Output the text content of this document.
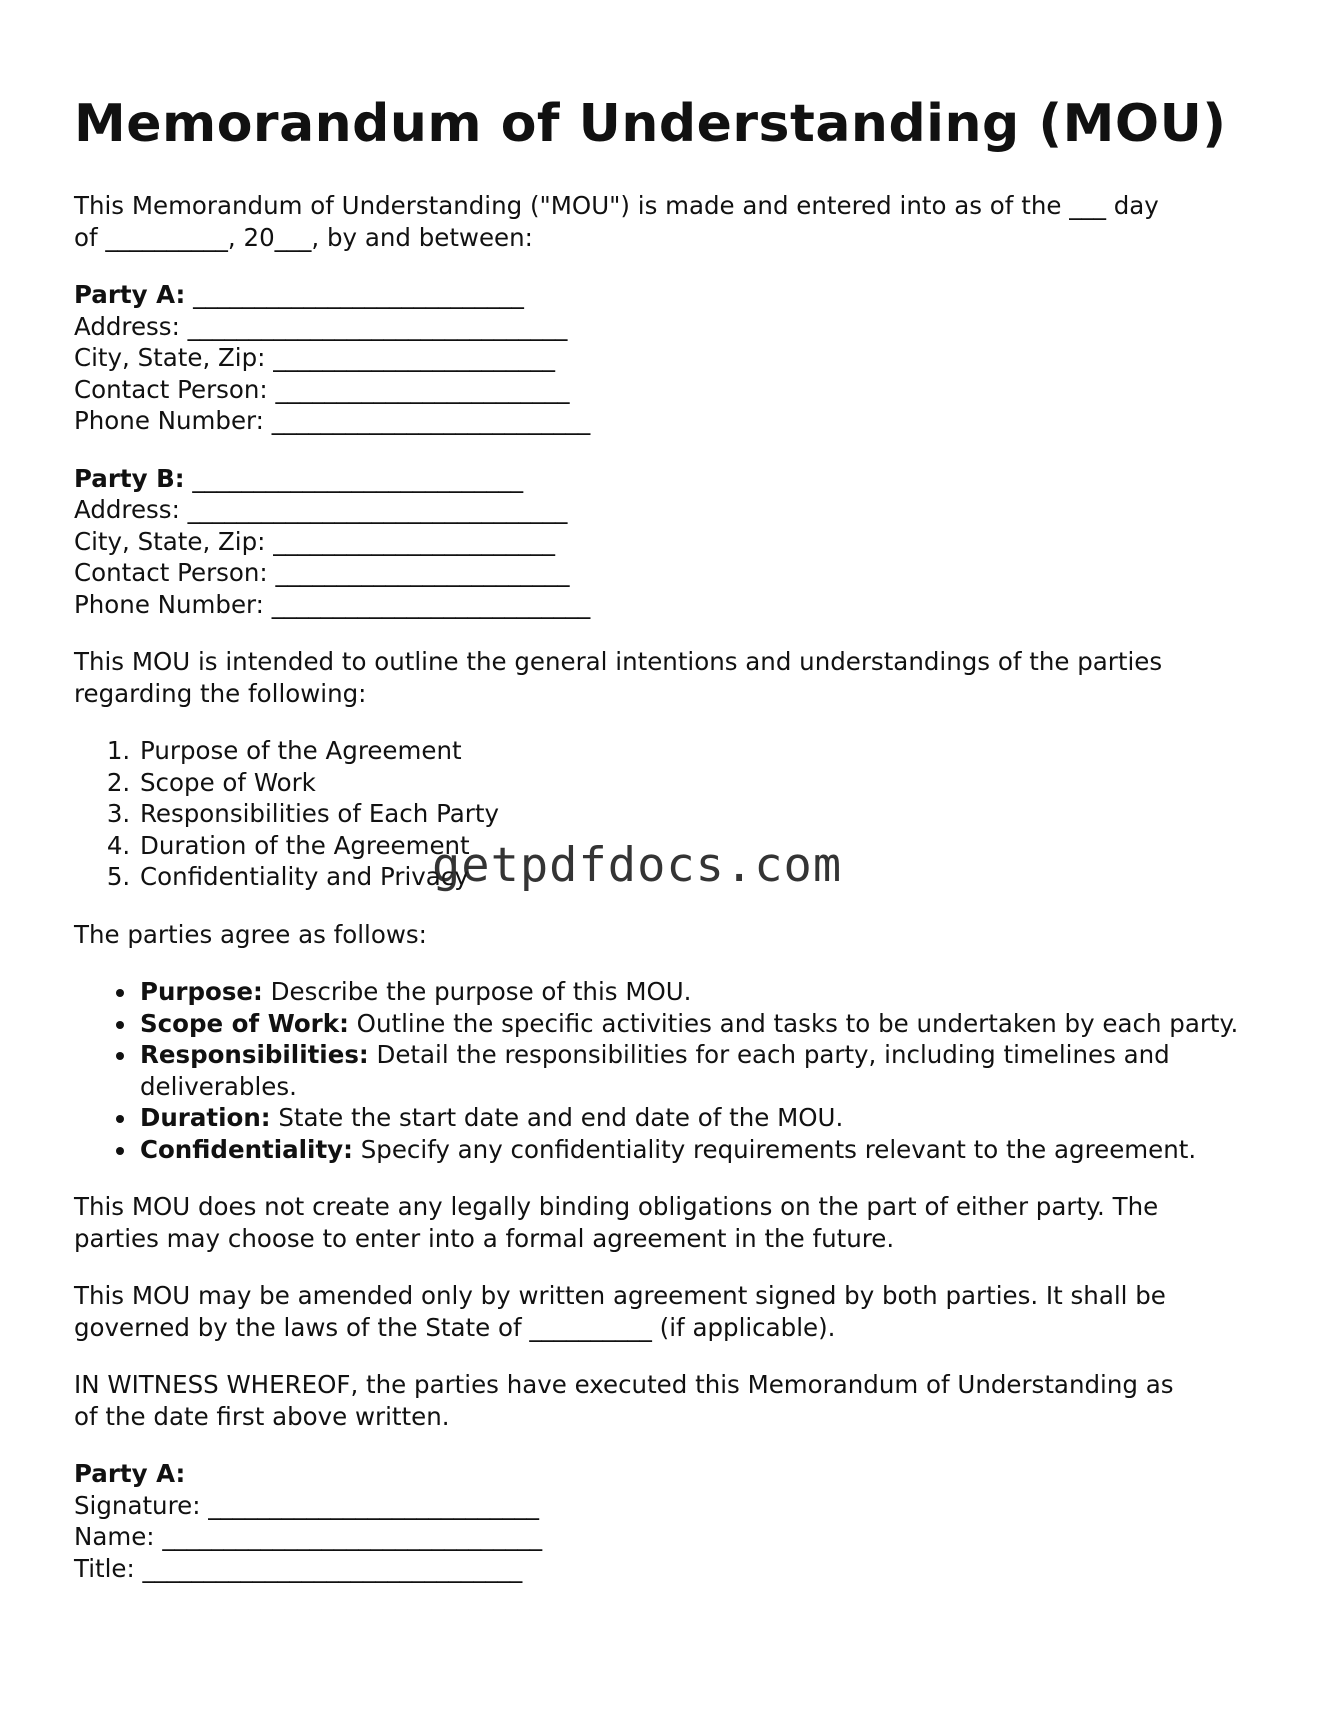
Memorandum of Understanding (MOU)

This Memorandum of Understanding ("MOU") is made and entered into as of the ___ day
of __________, 20___, by and between:

Party A: ___________________________
Address: _______________________________
City, State, Zip: _______________________
Contact Person: ________________________
Phone Number: __________________________
Party B: ___________________________
Address: _______________________________
City, State, Zip: _______________________
Contact Person: ________________________
Phone Number: __________________________

This MOU is intended to outline the general intentions and understandings of the parties
regarding the following:

1. Purpose of the Agreement
2. Scope of Work
3. Responsibilities of Each Party
4. Duration of the Agreement
5. Confidentiality and Privacy

The parties agree as follows:

• Purpose: Describe the purpose of this MOU.
• Scope of Work: Outline the specific activities and tasks to be undertaken by each party.
• Responsibilities: Detail the responsibilities for each party, including timelines and deliverables.
• Duration: State the start date and end date of the MOU.
• Confidentiality: Specify any confidentiality requirements relevant to the agreement.

This MOU does not create any legally binding obligations on the part of either party. The
parties may choose to enter into a formal agreement in the future.

This MOU may be amended only by written agreement signed by both parties. It shall be
governed by the laws of the State of __________ (if applicable).

IN WITNESS WHEREOF, the parties have executed this Memorandum of Understanding as
of the date first above written.

Party A:
Signature: ___________________________
Name: _______________________________
Title: _______________________________
getpdfdocs.com
